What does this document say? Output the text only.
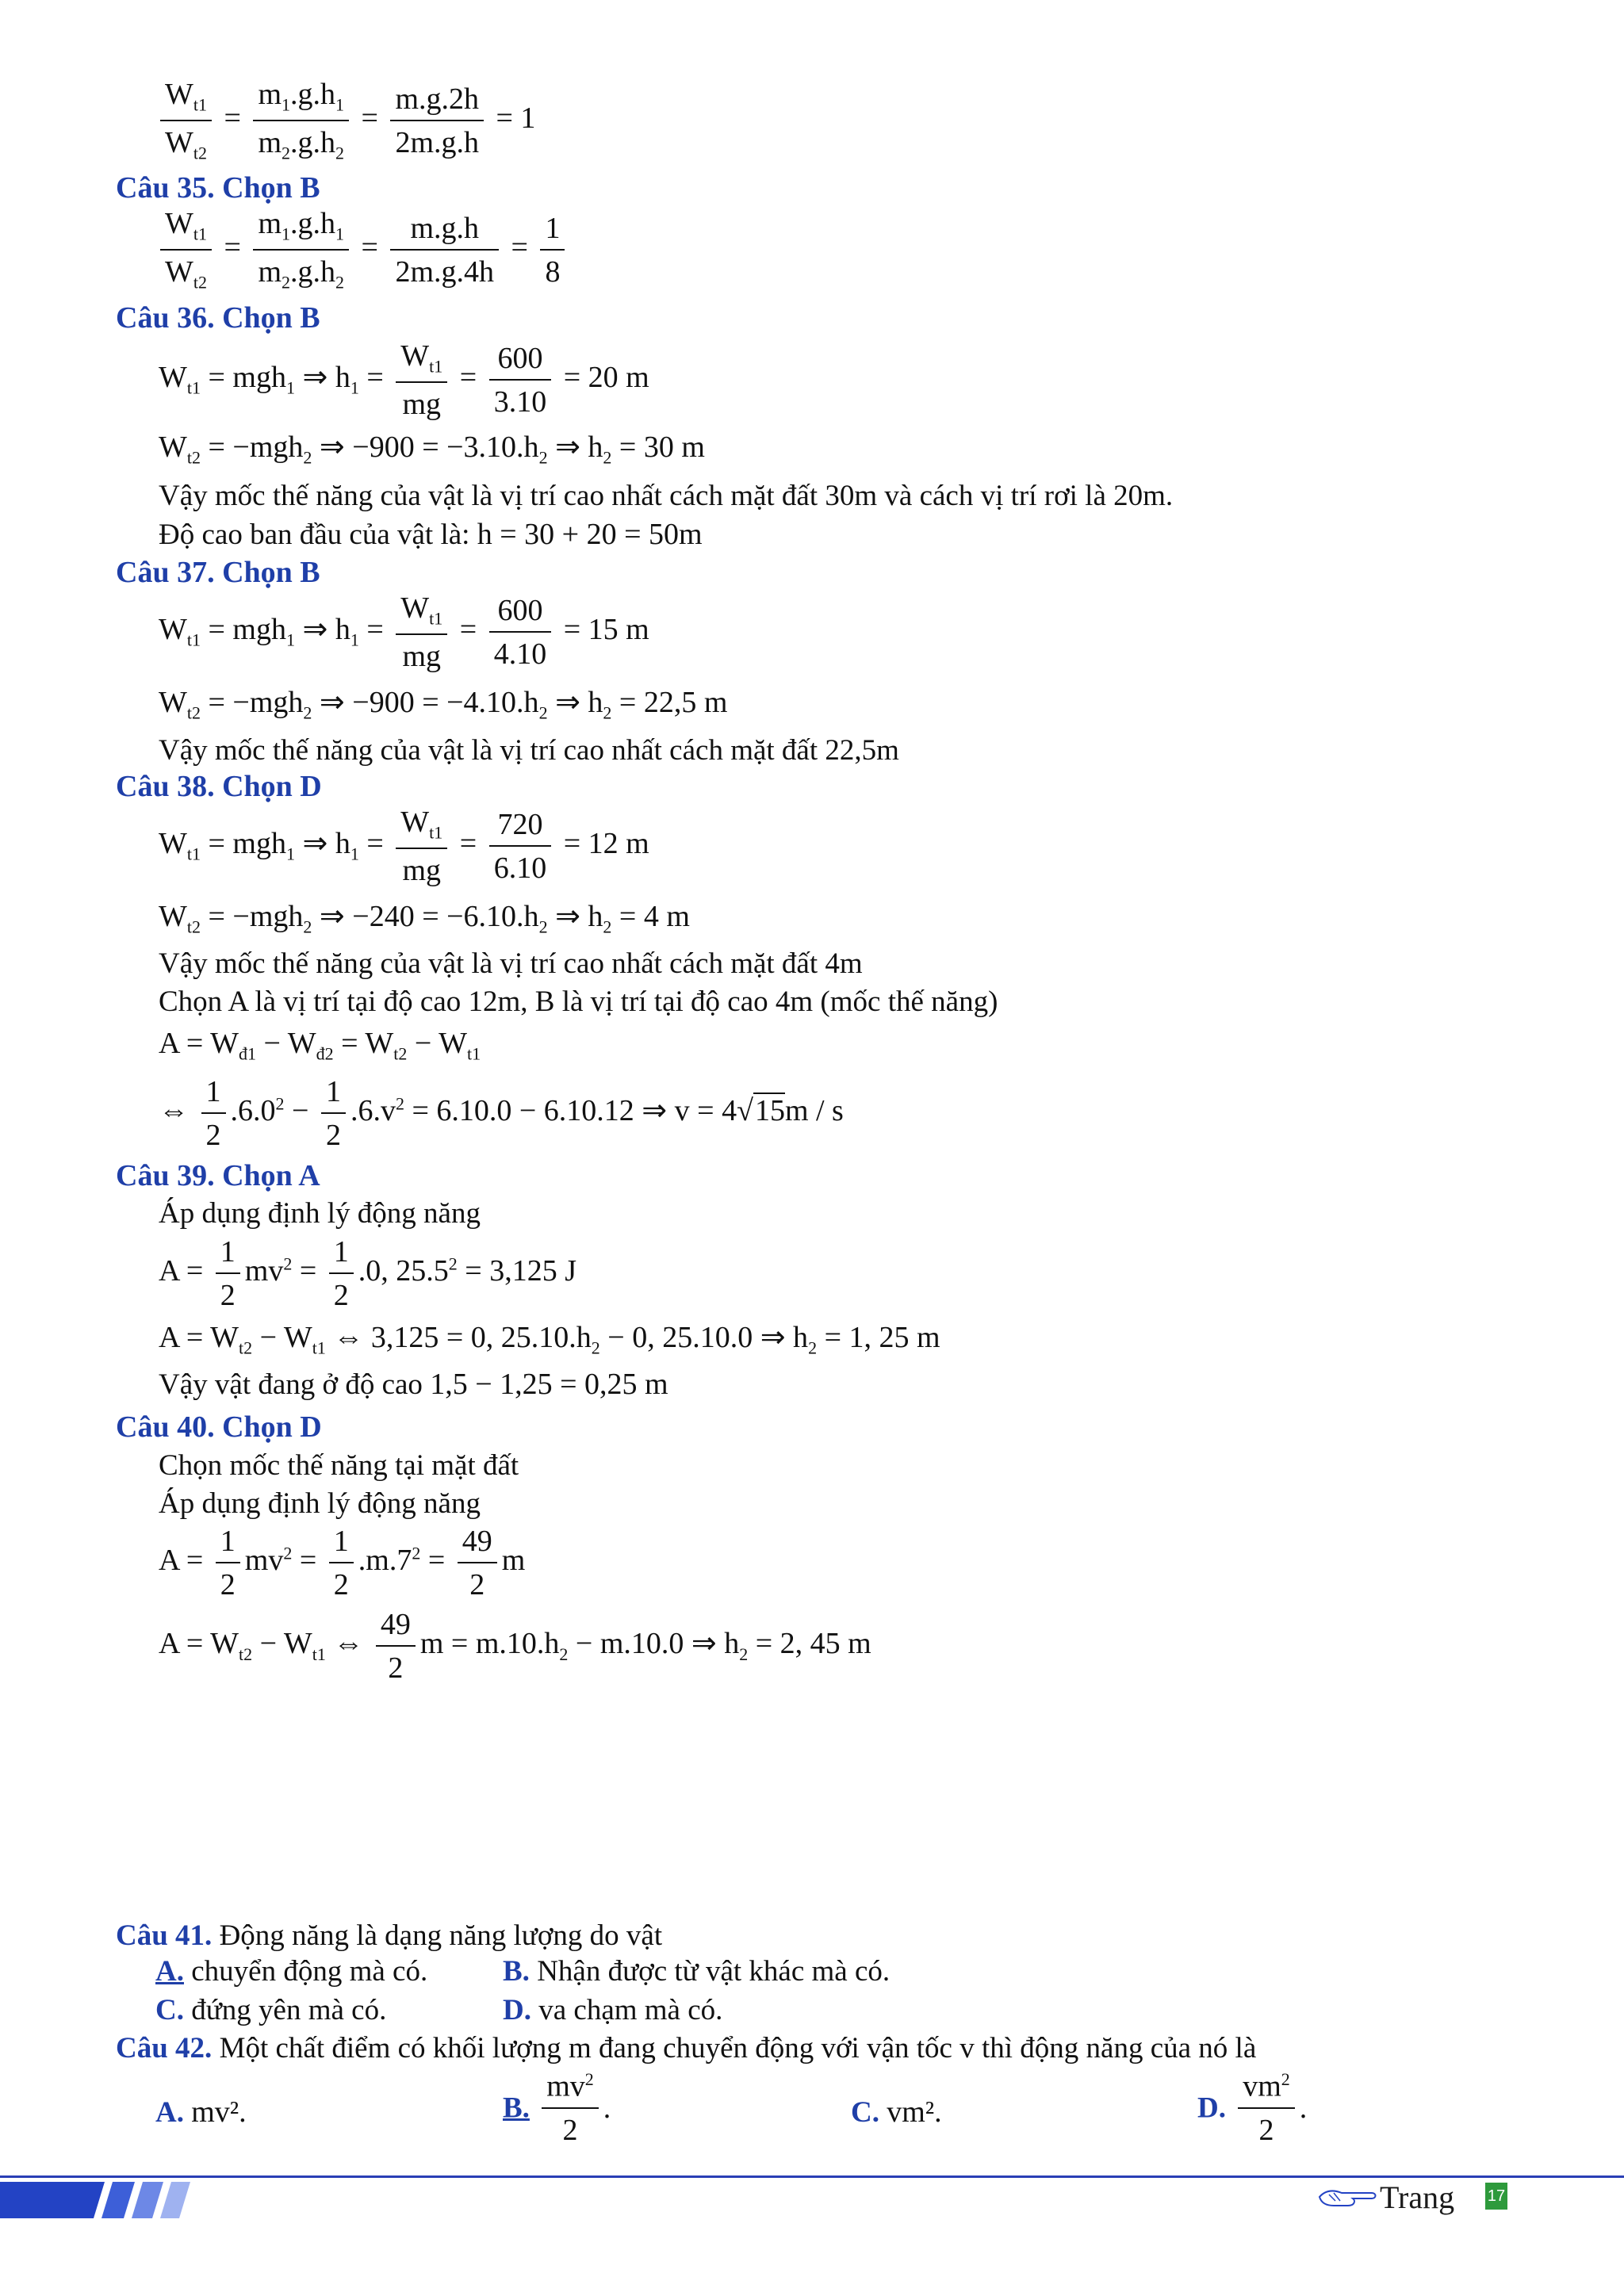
$\frac{W_{t1}}{W_{t2}} = \frac{m_1.g.h_1}{m_2.g.h_2} = \frac{m.g.2h}{2m.g.h} = 1$
Câu 35. Chọn B
$\frac{W_{t1}}{W_{t2}} = \frac{m_1.g.h_1}{m_2.g.h_2} = \frac{m.g.h}{2m.g.4h} = \frac{1}{8}$
Câu 36. Chọn B
$W_{t1} = mgh_1$ ⇒ $h_1 = \frac{W_{t1}}{mg} = \frac{600}{3.10} = 20$ m
$W_{t2} = -mgh_2$ ⇒ $-900 = -3.10.h_2$ ⇒ $h_2 = 30$ m
Vậy mốc thế năng của vật là vị trí cao nhất cách mặt đất 30m và cách vị trí rơi là 20m.
Độ cao ban đầu của vật là: h = 30 + 20 = 50m
Câu 37. Chọn B
$W_{t1} = mgh_1$ ⇒ $h_1 = \frac{W_{t1}}{mg} = \frac{600}{4.10} = 15$ m
$W_{t2} = -mgh_2$ ⇒ $-900 = -4.10.h_2$ ⇒ $h_2 = 22,5$ m
Vậy mốc thế năng của vật là vị trí cao nhất cách mặt đất 22,5m
Câu 38. Chọn D
$W_{t1} = mgh_1$ ⇒ $h_1 = \frac{W_{t1}}{mg} = \frac{720}{6.10} = 12$ m
$W_{t2} = -mgh_2$ ⇒ $-240 = -6.10.h_2$ ⇒ $h_2 = 4$ m
Vậy mốc thế năng của vật là vị trí cao nhất cách mặt đất 4m
Chọn A là vị trí tại độ cao 12m, B là vị trí tại độ cao 4m (mốc thế năng)
$A = W_{đ1} - W_{đ2} = W_{t2} - W_{t1}$
⇔ $\frac{1}{2} .6.0^2 - \frac{1}{2} .6.v^2 = 6.10.0 - 6.10.12$ ⇒ v = 4√15m / s
Câu 39. Chọn A
Áp dụng định lý động năng
$A = \frac{1}{2} mv^2 = \frac{1}{2} .0$, $25.5^2 = 3,125$ J
$A = W_{t2} - W_{t1}$ ⇔ 3,125 = 0, $25.10.h_2 - 0$, 25.10.0 ⇒ $h_2 = 1$, 25 m
Vậy vật đang ở độ cao 1,5 − 1,25 = 0,25 m
Câu 40. Chọn D
Chọn mốc thế năng tại mặt đất
Áp dụng định lý động năng
$A = \frac{1}{2} mv^2 = \frac{1}{2} .m.7^2 = \frac{49}{2}$ m
$A = W_{t2} - W_{t1}$ ⇔ $\frac{49}{2}$ $m = m.10.h_2 - m.10.0$ ⇒ $h_2 = 2$, 45 m
Câu 41. Động năng là dạng năng lượng do vật
A. chuyển động mà có.	B. Nhận được từ vật khác mà có.
C. đứng yên mà có.	D. va chạm mà có.
Câu 42. Một chất điểm có khối lượng m đang chuyển động với vận tốc v thì động năng của nó là
A. mv².	B. $\frac{mv^2}{2}$ .	C. vm².	D. $\frac{vm^2}{2}$ .
Trang 17
